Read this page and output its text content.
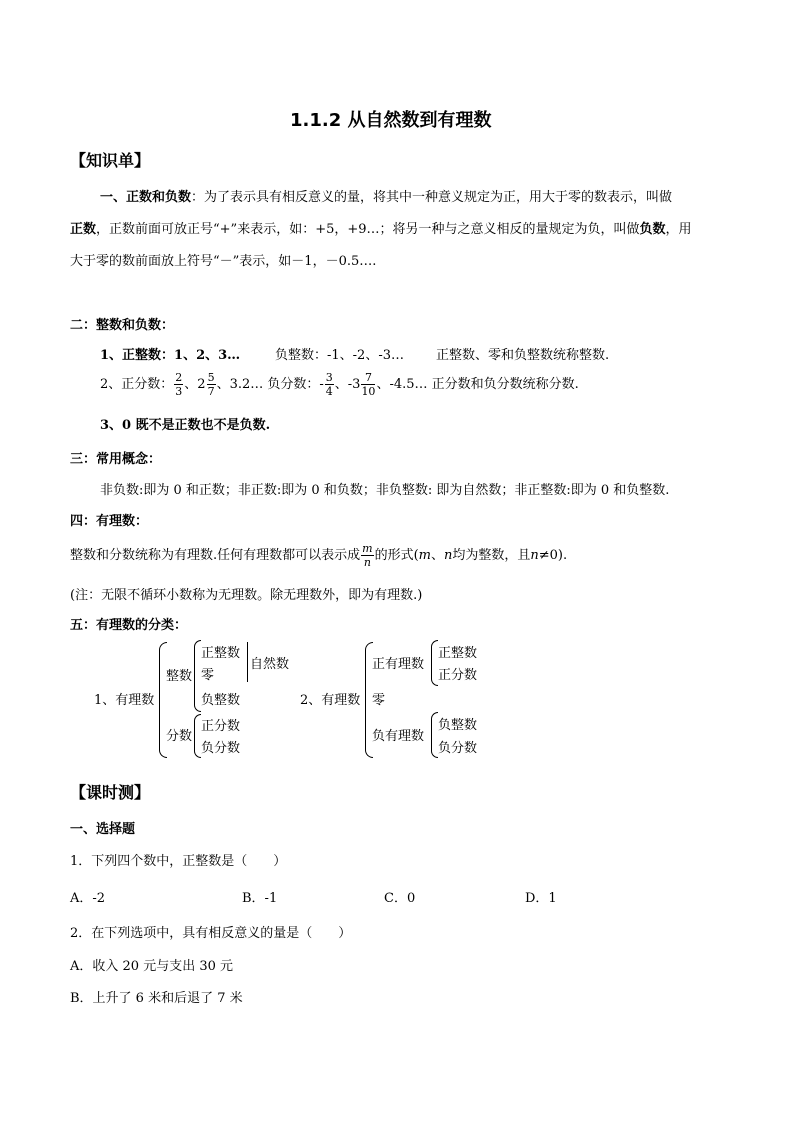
1.1.2 从自然数到有理数
【知识单】
一、正数和负数：为了表示具有相反意义的量，将其中一种意义规定为正，用大于零的数表示，叫做
正数，正数前面可放正号“+”来表示，如：+5，+9…；将另一种与之意义相反的量规定为负，叫做负数，用
大于零的数前面放上符号“－”表示，如－1，－0.5….
二：整数和负数：
1、正整数：1、2、3…	负整数：-1、-2、-3… 正整数、零和负整数统称整数.
2、正分数： $\frac{2}{3}$ 、$2 \frac{5}{7}$ 、3.2… 负分数：- $\frac{3}{4}$ 、$-3 \frac{7}{10}$ 、-4.5… 正分数和负分数统称分数.
3、0 既不是正数也不是负数.
三：常用概念：
非负数:即为 0 和正数；非正数:即为 0 和负数；非负整数: 即为自然数；非正整数:即为 0 和负整数.
四：有理数：
整数和分数统称为有理数.任何有理数都可以表示成 $\frac{m}{n}$ 的形式(m、n均为整数，且n≠0).
(注：无限不循环小数称为无理数。除无理数外，即为有理数.)
五：有理数的分类：
1、有理数
整数
正整数
零
自然数
负整数
分数
正分数
负分数
2、有理数
正有理数
正整数
正分数
零
负有理数
负整数
负分数
【课时测】
一、选择题
1．下列四个数中，正整数是（　　）
A．-2	B．-1	C．0	D．1
2．在下列选项中，具有相反意义的量是（　　）
A．收入 20 元与支出 30 元
B．上升了 6 米和后退了 7 米
